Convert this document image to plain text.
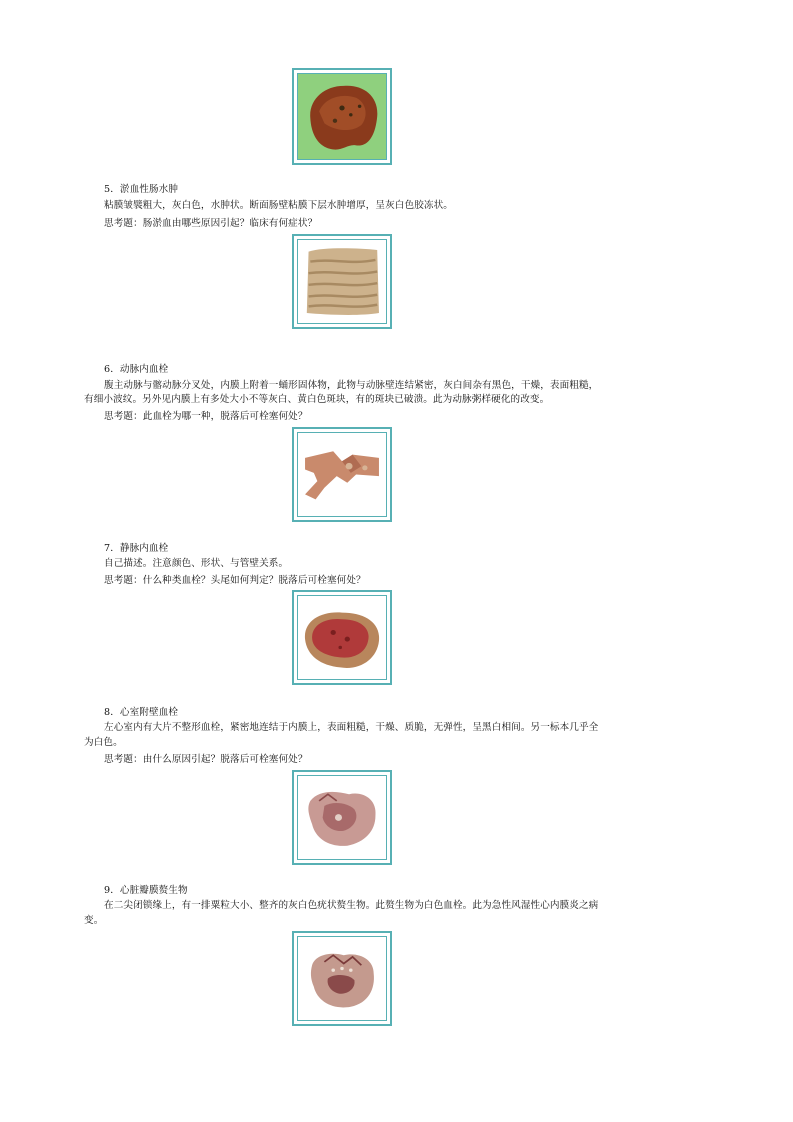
5．淤血性肠水肿
粘膜皱襞粗大，灰白色，水肿状。断面肠壁粘膜下层水肿增厚，呈灰白色胶冻状。
思考题：肠淤血由哪些原因引起？临床有何症状？
6．动脉内血栓
腹主动脉与髂动脉分叉处，内膜上附着一蛹形固体物，此物与动脉壁连结紧密，灰白间杂有黑色，干燥，表面粗糙，
有细小波纹。另外见内膜上有多处大小不等灰白、黄白色斑块，有的斑块已破溃。此为动脉粥样硬化的改变。
思考题：此血栓为哪一种，脱落后可栓塞何处？
7．静脉内血栓
自己描述。注意颜色、形状、与管壁关系。
思考题：什么种类血栓？头尾如何判定？脱落后可栓塞何处？
8．心室附壁血栓
左心室内有大片不整形血栓，紧密地连结于内膜上，表面粗糙，干燥、质脆，无弹性，呈黑白相间。另一标本几乎全
为白色。
思考题：由什么原因引起？脱落后可栓塞何处？
9．心脏瓣膜赘生物
在二尖闭锁缘上，有一排粟粒大小、整齐的灰白色疣状赘生物。此赘生物为白色血栓。此为急性风湿性心内膜炎之病
变。
